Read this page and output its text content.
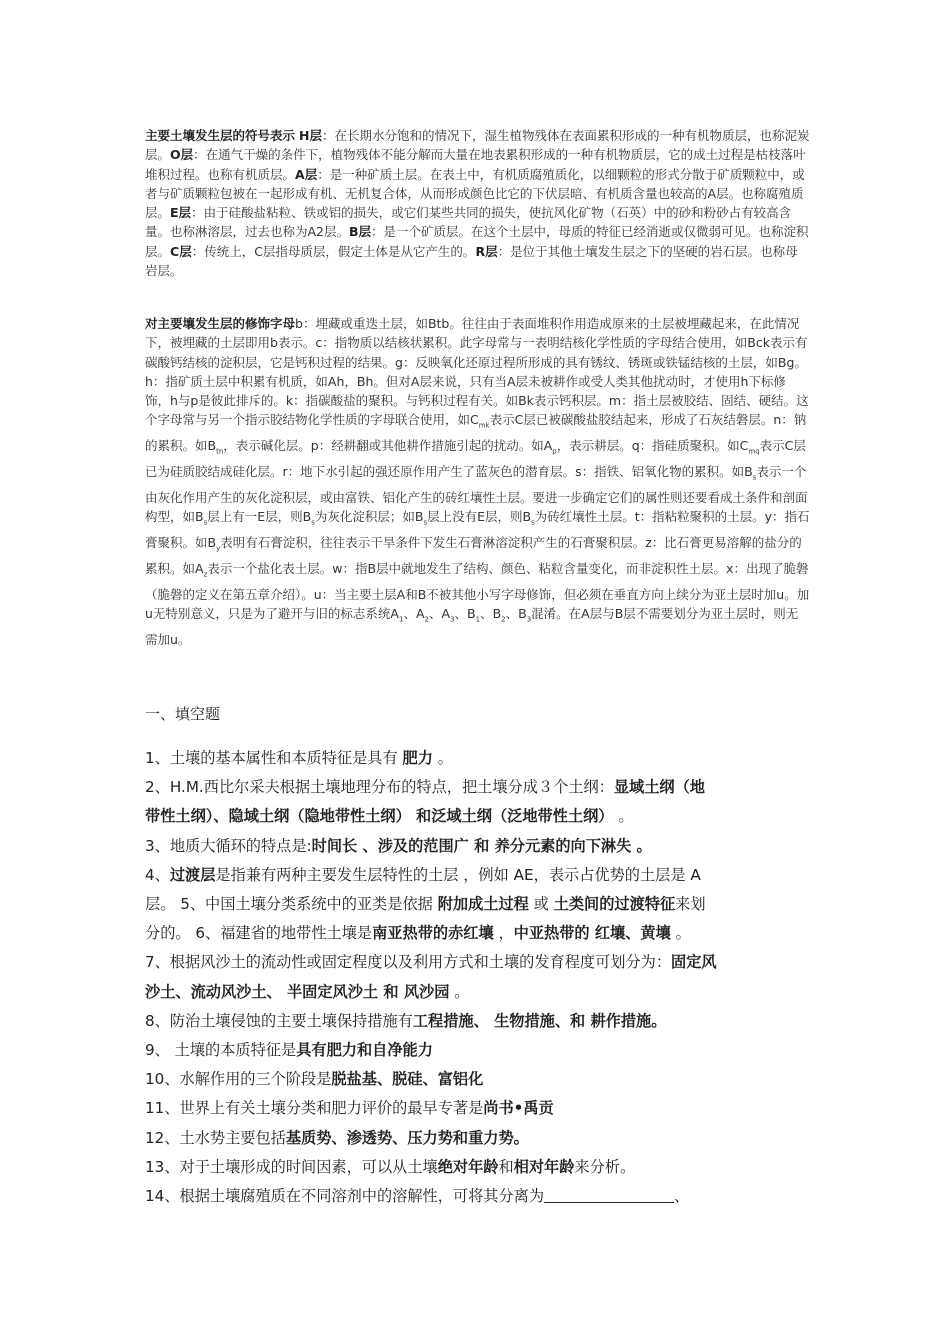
主要土壤发生层的符号表示 H层：在长期水分饱和的情况下，湿生植物残体在表面累积形成的一种有机物质层，也称泥炭层。O层：在通气干燥的条件下，植物残体不能分解而大量在地表累积形成的一种有机物质层，它的成土过程是枯枝落叶堆积过程。也称有机质层。A层：是一种矿质土层。在表土中，有机质腐殖质化，以细颗粒的形式分散于矿质颗粒中，或者与矿质颗粒包被在一起形成有机、无机复合体，从而形成颜色比它的下伏层暗、有机质含量也较高的A层。也称腐殖质层。E层：由于硅酸盐粘粒、铁或铝的损失，或它们某些共同的损失，使抗风化矿物（石英）中的砂和粉砂占有较高含量。也称淋溶层，过去也称为A2层。B层：是一个矿质层。在这个土层中，母质的特征已经消逝或仅微弱可见。也称淀积层。C层：传统上，C层指母质层，假定土体是从它产生的。R层：是位于其他土壤发生层之下的坚硬的岩石层。也称母岩层。
对主要壤发生层的修饰字母b：埋藏或重迭土层，如Btb。往往由于表面堆积作用造成原来的土层被埋藏起来，在此情况下，被埋藏的土层即用b表示。c：指物质以结核状累积。此字母常与一表明结核化学性质的字母结合使用，如Bck表示有碳酸钙结核的淀积层，它是钙积过程的结果。g：反映氧化还原过程所形成的具有锈纹、锈斑或铁锰结核的土层，如Bg。h：指矿质土层中积累有机质，如Ah，Bh。但对A层来说，只有当A层未被耕作或受人类其他扰动时，才使用h下标修饰，h与p是彼此排斥的。k：指碳酸盐的聚积。与钙积过程有关。如Bk表示钙积层。m：指土层被胶结、固结、硬结。这个字母常与另一个指示胶结物化学性质的字母联合使用，如$C_{mk}$表示C层已被碳酸盐胶结起来，形成了石灰结磐层。n：钠的累积。如$B_{tn}$，表示碱化层。p：经耕翻或其他耕作措施引起的扰动。如$A_p$，表示耕层。q：指硅质聚积。如$C_{mq}$表示C层已为硅质胶结成硅化层。r：地下水引起的强还原作用产生了蓝灰色的潜育层。s：指铁、铝氧化物的累积。如$B_s$表示一个由灰化作用产生的灰化淀积层，或由富铁、铝化产生的砖红壤性土层。要进一步确定它们的属性则还要看成土条件和剖面构型，如$B_s$层上有一E层，则$B_s$为灰化淀积层；如$B_s$层上没有E层，则$B_s$为砖红壤性土层。t：指粘粒聚积的土层。y：指石膏聚积。如$B_y$表明有石膏淀积，往往表示干旱条件下发生石膏淋溶淀积产生的石膏聚积层。z：比石膏更易溶解的盐分的累积。如$A_z$表示一个盐化表土层。w：指B层中就地发生了结构、颜色、粘粒含量变化，而非淀积性土层。x：出现了脆磐（脆磐的定义在第五章介绍）。u：当主要土层A和B不被其他小写字母修饰，但必须在垂直方向上续分为亚土层时加u。加u无特别意义，只是为了避开与旧的标志系统$A_1$、$A_2$、$A_3$、$B_1$、$B_2$、$B_3$混淆。在A层与B层不需要划分为亚土层时，则无需加u。
一、填空题
1、土壤的基本属性和本质特征是具有 肥力 。
2、H.M.西比尔采夫根据土壤地理分布的特点，把土壤分成３个土纲：显域土纲（地
带性土纲）、隐域土纲（隐地带性土纲） 和泛域土纲（泛地带性土纲） 。
3、地质大循环的特点是:时间长 、涉及的范围广 和 养分元素的向下淋失 。
4、过渡层是指兼有两种主要发生层特性的土层 ，例如 AE，表示占优势的土层是 A
层。 5、中国土壤分类系统中的亚类是依据 附加成土过程 或 土类间的过渡特征来划
分的。 6、福建省的地带性土壤是南亚热带的赤红壤 ，中亚热带的 红壤、黄壤 。
7、根据风沙土的流动性或固定程度以及利用方式和土壤的发育程度可划分为：固定风
沙土、流动风沙土、 半固定风沙土 和 风沙园 。
8、防治土壤侵蚀的主要土壤保持措施有工程措施、 生物措施、和 耕作措施。
9、 土壤的本质特征是具有肥力和自净能力
10、水解作用的三个阶段是脱盐基、脱硅、富铝化
11、世界上有关土壤分类和肥力评价的最早专著是尚书•禹贡
12、土水势主要包括基质势、渗透势、压力势和重力势。
13、对于土壤形成的时间因素，可以从土壤绝对年龄和相对年龄来分析。
14、根据土壤腐殖质在不同溶剂中的溶解性，可将其分离为	、
